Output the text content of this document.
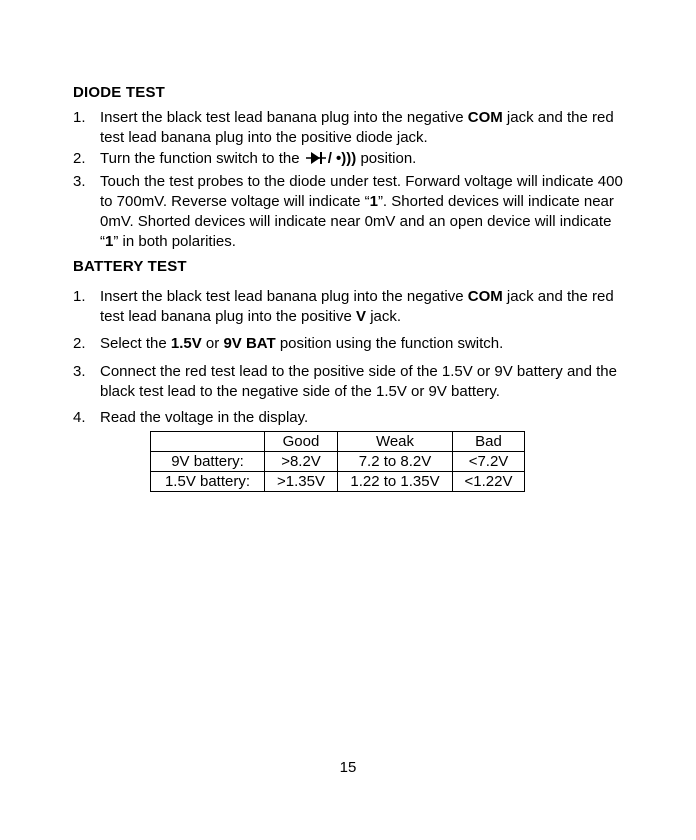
DIODE TEST
1. Insert the black test lead banana plug into the negative COM jack and the red test lead banana plug into the positive diode jack.
2. Turn the function switch to the / •))) position.
3. Touch the test probes to the diode under test. Forward voltage will indicate 400 to 700mV. Reverse voltage will indicate “1”. Shorted devices will indicate near 0mV. Shorted devices will indicate near 0mV and an open device will indicate “1” in both polarities.
BATTERY TEST
1. Insert the black test lead banana plug into the negative COM jack and the red test lead banana plug into the positive V jack.
2. Select the 1.5V or 9V BAT position using the function switch.
3. Connect the red test lead to the positive side of the 1.5V or 9V battery and the black test lead to the negative side of the 1.5V or 9V battery.
4. Read the voltage in the display.
	Good	Weak	Bad
9V battery:	>8.2V	7.2 to 8.2V	<7.2V
1.5V battery:	>1.35V	1.22 to 1.35V	<1.22V
15
